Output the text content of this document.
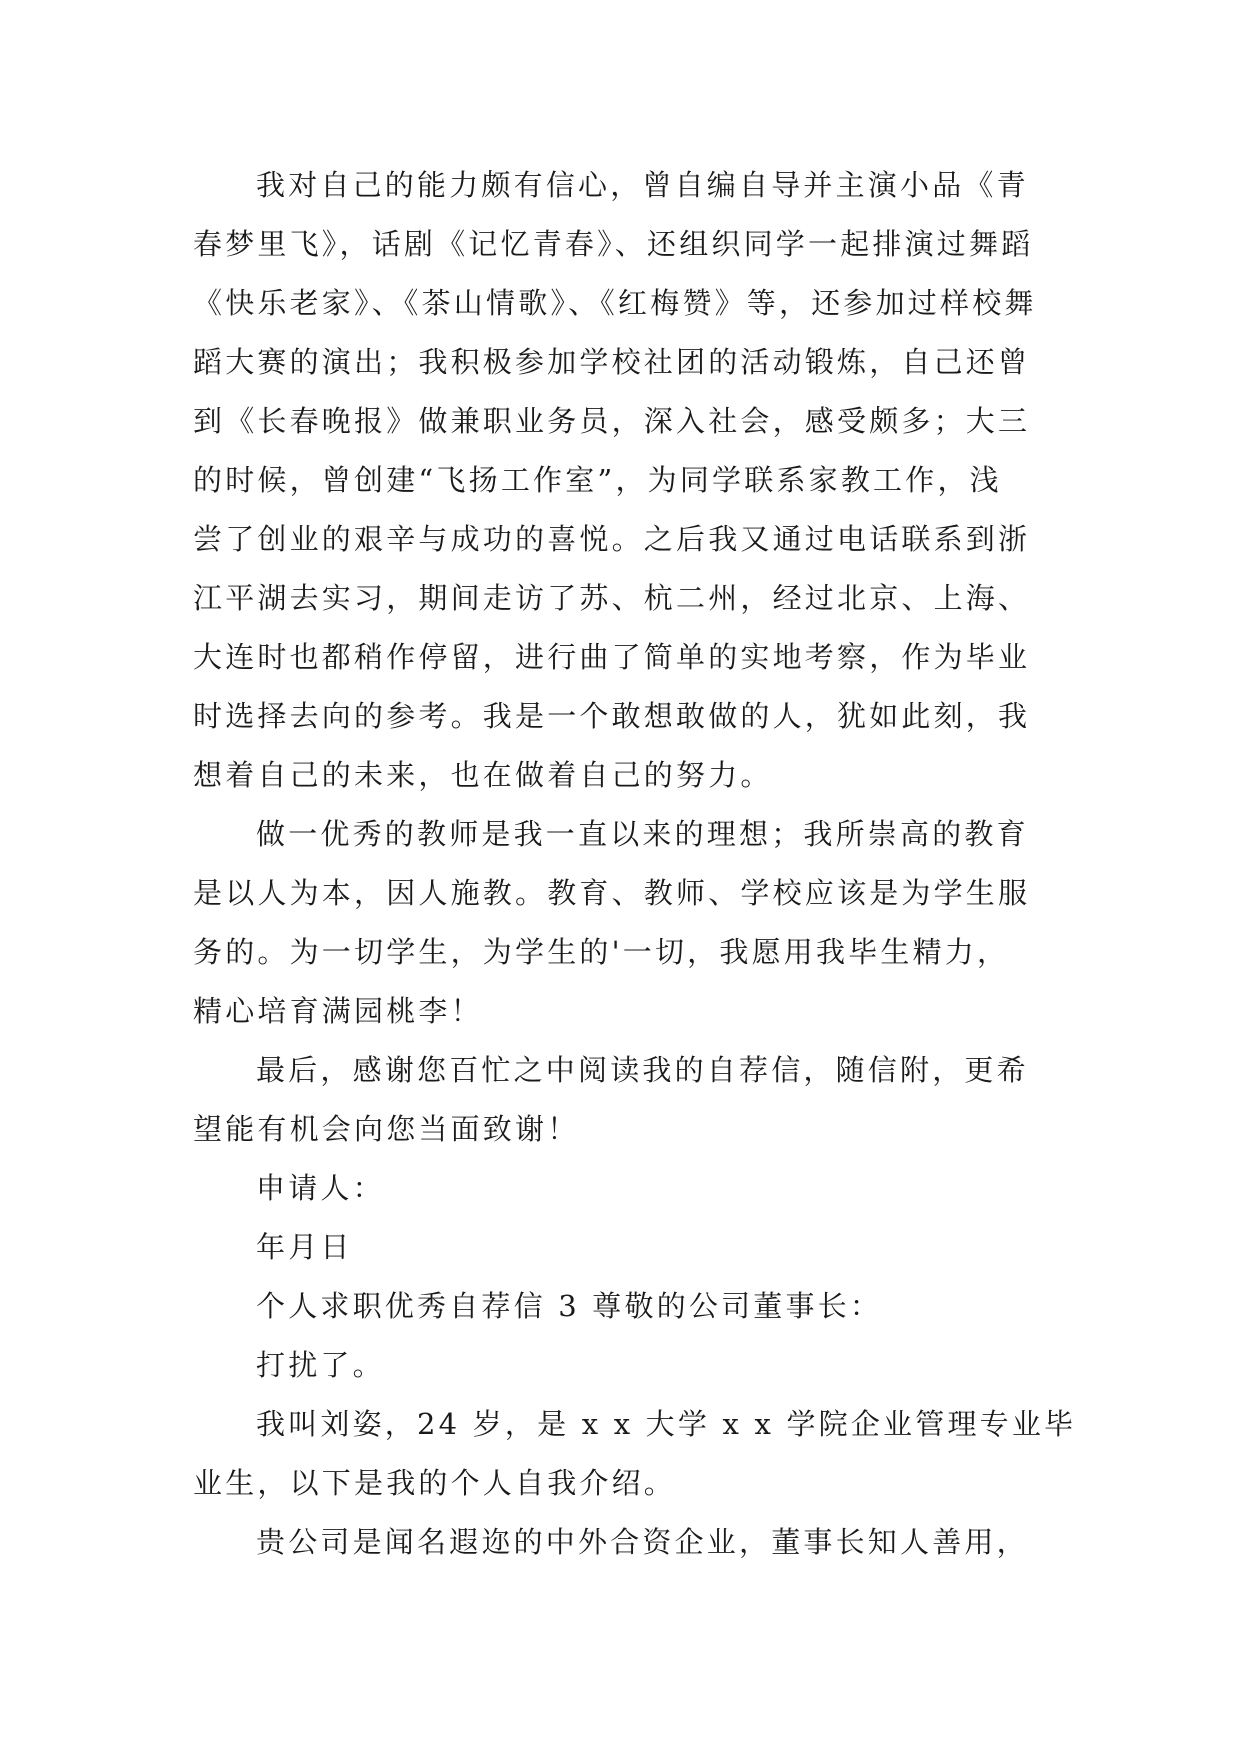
我对自己的能力颇有信心，曾自编自导并主演小品《青
春梦里飞》，话剧《记忆青春》、还组织同学一起排演过舞蹈
《快乐老家》、《茶山情歌》、《红梅赞》等，还参加过样校舞
蹈大赛的演出；我积极参加学校社团的活动锻炼，自己还曾
到《长春晚报》做兼职业务员，深入社会，感受颇多；大三
的时候，曾创建“飞扬工作室”，为同学联系家教工作，浅
尝了创业的艰辛与成功的喜悦。之后我又通过电话联系到浙
江平湖去实习，期间走访了苏、杭二州，经过北京、上海、
大连时也都稍作停留，进行曲了简单的实地考察，作为毕业
时选择去向的参考。我是一个敢想敢做的人，犹如此刻，我
想着自己的未来，也在做着自己的努力。
做一优秀的教师是我一直以来的理想；我所崇高的教育
是以人为本，因人施教。教育、教师、学校应该是为学生服
务的。为一切学生，为学生的'一切，我愿用我毕生精力，
精心培育满园桃李！
最后，感谢您百忙之中阅读我的自荐信，随信附，更希
望能有机会向您当面致谢！
申请人：
年月日
个人求职优秀自荐信 3 尊敬的公司董事长：
打扰了。
我叫刘姿，24 岁，是 x x 大学 x x 学院企业管理专业毕
业生，以下是我的个人自我介绍。
贵公司是闻名遐迩的中外合资企业，董事长知人善用，
